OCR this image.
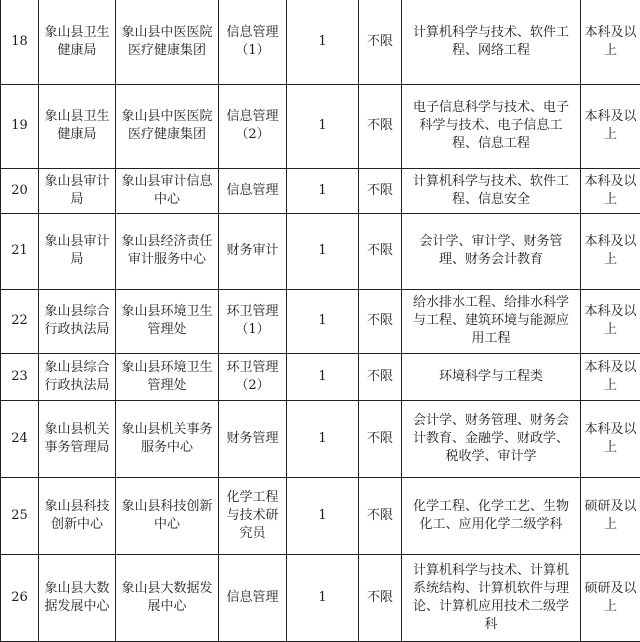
18	象山县卫生健康局	象山县中医医院医疗健康集团	信息管理（1）	1	不限	计算机科学与技术、软件工程、网络工程	本科及以上
19	象山县卫生健康局	象山县中医医院医疗健康集团	信息管理（2）	1	不限	电子信息科学与技术、电子科学与技术、电子信息工程、信息工程	本科及以上
20	象山县审计局	象山县审计信息中心	信息管理	1	不限	计算机科学与技术、软件工程、信息安全	本科及以上
21	象山县审计局	象山县经济责任审计服务中心	财务审计	1	不限	会计学、审计学、财务管理、财务会计教育	本科及以上
22	象山县综合行政执法局	象山县环境卫生管理处	环卫管理（1）	1	不限	给水排水工程、给排水科学与工程、建筑环境与能源应用工程	本科及以上
23	象山县综合行政执法局	象山县环境卫生管理处	环卫管理（2）	1	不限	环境科学与工程类	本科及以上
24	象山县机关事务管理局	象山县机关事务服务中心	财务管理	1	不限	会计学、财务管理、财务会计教育、金融学、财政学、税收学、审计学	本科及以上
25	象山县科技创新中心	象山县科技创新中心	化学工程与技术研究员	1	不限	化学工程、化学工艺、生物化工、应用化学二级学科	硕研及以上
26	象山县大数据发展中心	象山县大数据发展中心	信息管理	1	不限	计算机科学与技术、计算机系统结构、计算机软件与理论、计算机应用技术二级学科	硕研及以上
